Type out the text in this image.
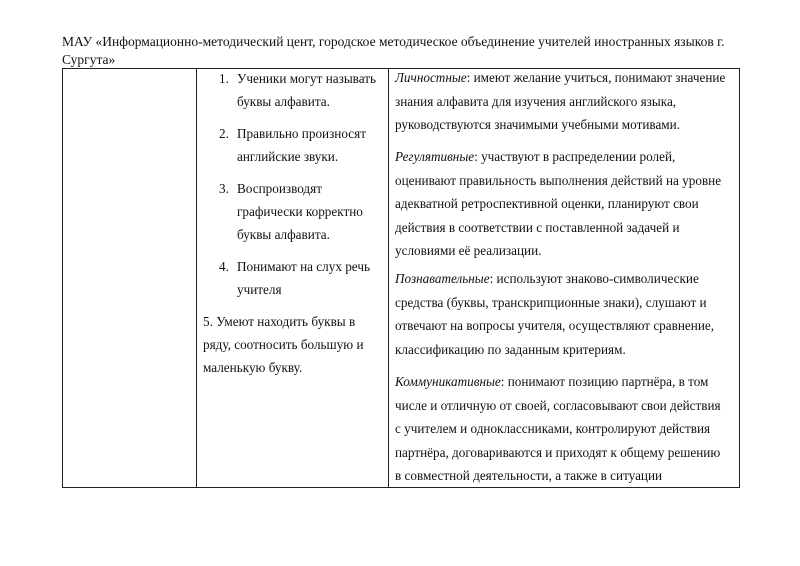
МАУ «Информационно-методический цент, городское методическое объединение учителей иностранных языков г.
Сургута»
1. Ученики могут называть
буквы алфавита.
2. Правильно произносят
английские звуки.
3. Воспроизводят
графически корректно
буквы алфавита.
4. Понимают на слух речь
учителя
5. Умеют находить буквы в
ряду, соотносить большую и
маленькую букву.
Личностные: имеют желание учиться, понимают значение
знания алфавита для изучения английского языка,
руководствуются значимыми учебными мотивами.
Регулятивные: участвуют в распределении ролей,
оценивают правильность выполнения действий на уровне
адекватной ретроспективной оценки, планируют свои
действия в соответствии с поставленной задачей и
условиями её реализации.
Познавательные: используют знаково-символические
средства (буквы, транскрипционные знаки), слушают и
отвечают на вопросы учителя, осуществляют сравнение,
классификацию по заданным критериям.
Коммуникативные: понимают позицию партнёра, в том
числе и отличную от своей, согласовывают свои действия
с учителем и одноклассниками, контролируют действия
партнёра, договариваются и приходят к общему решению
в совместной деятельности, а также в ситуации
